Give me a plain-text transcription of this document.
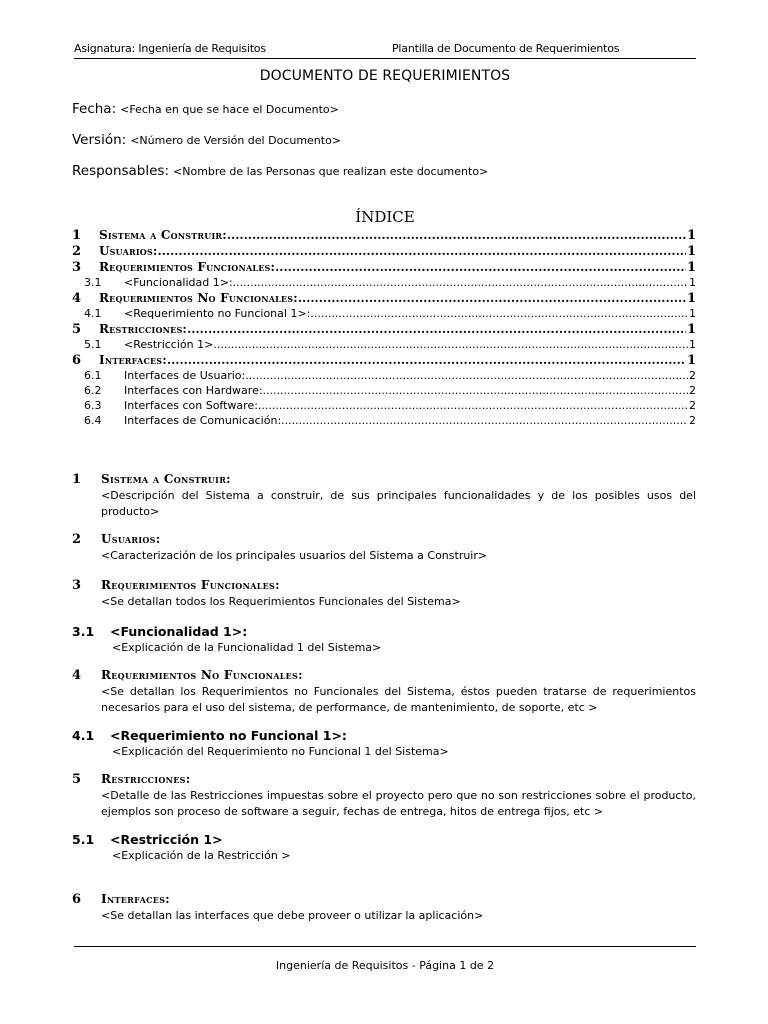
Asignatura: Ingeniería de Requisitos	Plantilla de Documento de Requerimientos
DOCUMENTO DE REQUERIMIENTOS
Fecha: <Fecha en que se hace el Documento>
Versión: <Número de Versión del Documento>
Responsables: <Nombre de las Personas que realizan este documento>
ÍNDICE
1	Sistema a Construir: .....	1
2	Usuarios: .....	1
3	Requerimientos Funcionales: .....	1
3.1	<Funcionalidad 1>: .....	1
4	Requerimientos No Funcionales: .....	1
4.1	<Requerimiento no Funcional 1>: .....	1
5	Restricciones: .....	1
5.1	<Restricción 1> .....	1
6	Interfaces: .....	1
6.1	Interfaces de Usuario: .....	2
6.2	Interfaces con Hardware: .....	2
6.3	Interfaces con Software: .....	2
6.4	Interfaces de Comunicación: .....	2
1	Sistema a Construir:
<Descripción del Sistema a construir, de sus principales funcionalidades y de los posibles usos del producto>
2	Usuarios:
<Caracterización de los principales usuarios del Sistema a Construir>
3	Requerimientos Funcionales:
<Se detallan todos los Requerimientos Funcionales del Sistema>
3.1	<Funcionalidad 1>:
<Explicación de la Funcionalidad 1 del Sistema>
4	Requerimientos No Funcionales:
<Se detallan los Requerimientos no Funcionales del Sistema, éstos pueden tratarse de requerimientos necesarios para el uso del sistema, de performance, de mantenimiento, de soporte, etc >
4.1	<Requerimiento no Funcional 1>:
<Explicación del Requerimiento no Funcional 1 del Sistema>
5	Restricciones:
<Detalle de las Restricciones impuestas sobre el proyecto pero que no son restricciones sobre el producto, ejemplos son proceso de software a seguir, fechas de entrega, hitos de entrega fijos, etc >
5.1	<Restricción 1>
<Explicación de la Restricción >
6	Interfaces:
<Se detallan las interfaces que debe proveer o utilizar la aplicación>
Ingeniería de Requisitos - Página 1 de 2
